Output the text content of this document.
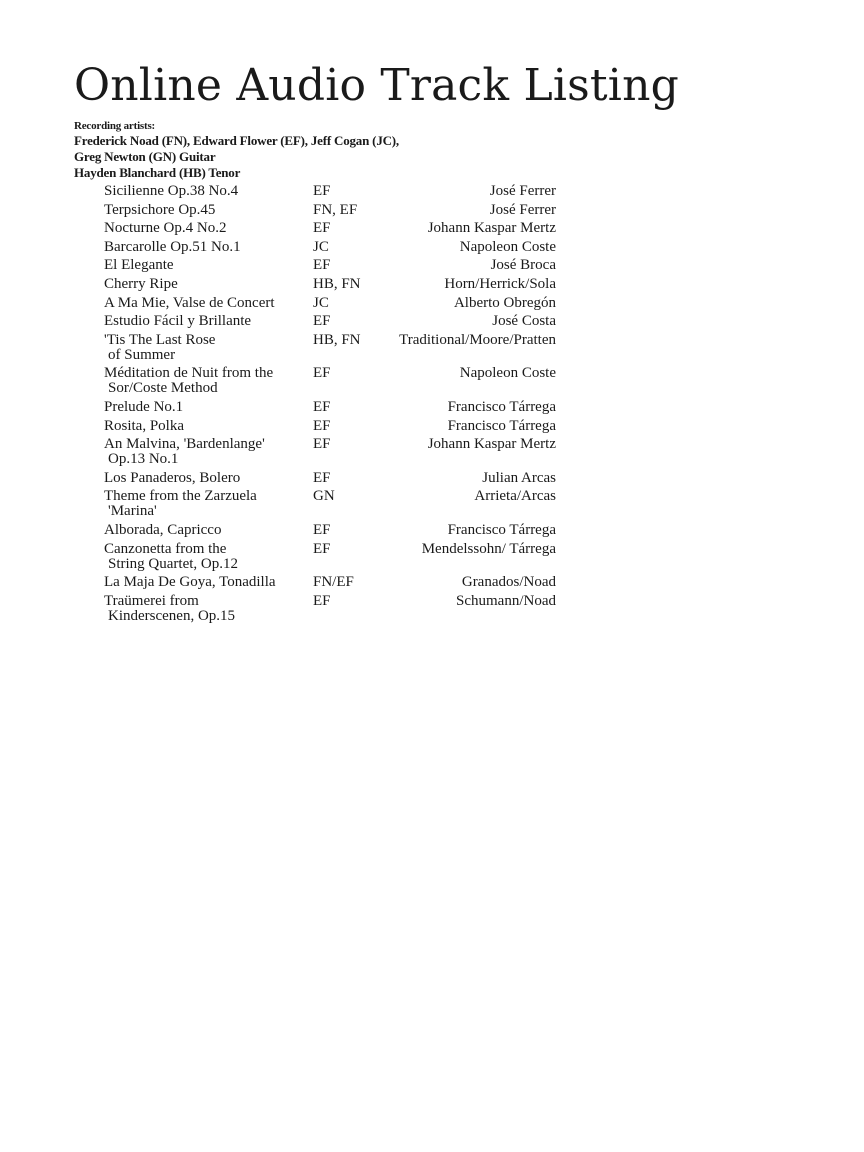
Online Audio Track Listing
Recording artists:
Frederick Noad (FN), Edward Flower (EF), Jeff Cogan (JC),
Greg Newton (GN) Guitar
Hayden Blanchard (HB) Tenor
Sicilienne Op.38 No.4	EF	José Ferrer
Terpsichore Op.45	FN, EF	José Ferrer
Nocturne Op.4 No.2	EF	Johann Kaspar Mertz
Barcarolle Op.51 No.1	JC	Napoleon Coste
El Elegante	EF	José Broca
Cherry Ripe	HB, FN	Horn/Herrick/Sola
A Ma Mie, Valse de Concert	JC	Alberto Obregón
Estudio Fácil y Brillante	EF	José Costa
'Tis The Last Rose
of Summer
HB, FN	Traditional/Moore/Pratten
Méditation de Nuit from the
Sor/Coste Method
EF	Napoleon Coste
Prelude No.1	EF	Francisco Tárrega
Rosita, Polka	EF	Francisco Tárrega
An Malvina, 'Bardenlange'
Op.13 No.1
EF	Johann Kaspar Mertz
Los Panaderos, Bolero	EF	Julian Arcas
Theme from the Zarzuela
'Marina'
GN	Arrieta/Arcas
Alborada, Capricco	EF	Francisco Tárrega
Canzonetta from the
String Quartet, Op.12
EF	Mendelssohn/ Tárrega
La Maja De Goya, Tonadilla	FN/EF	Granados/Noad
Traümerei from
Kinderscenen, Op.15
EF	Schumann/Noad
